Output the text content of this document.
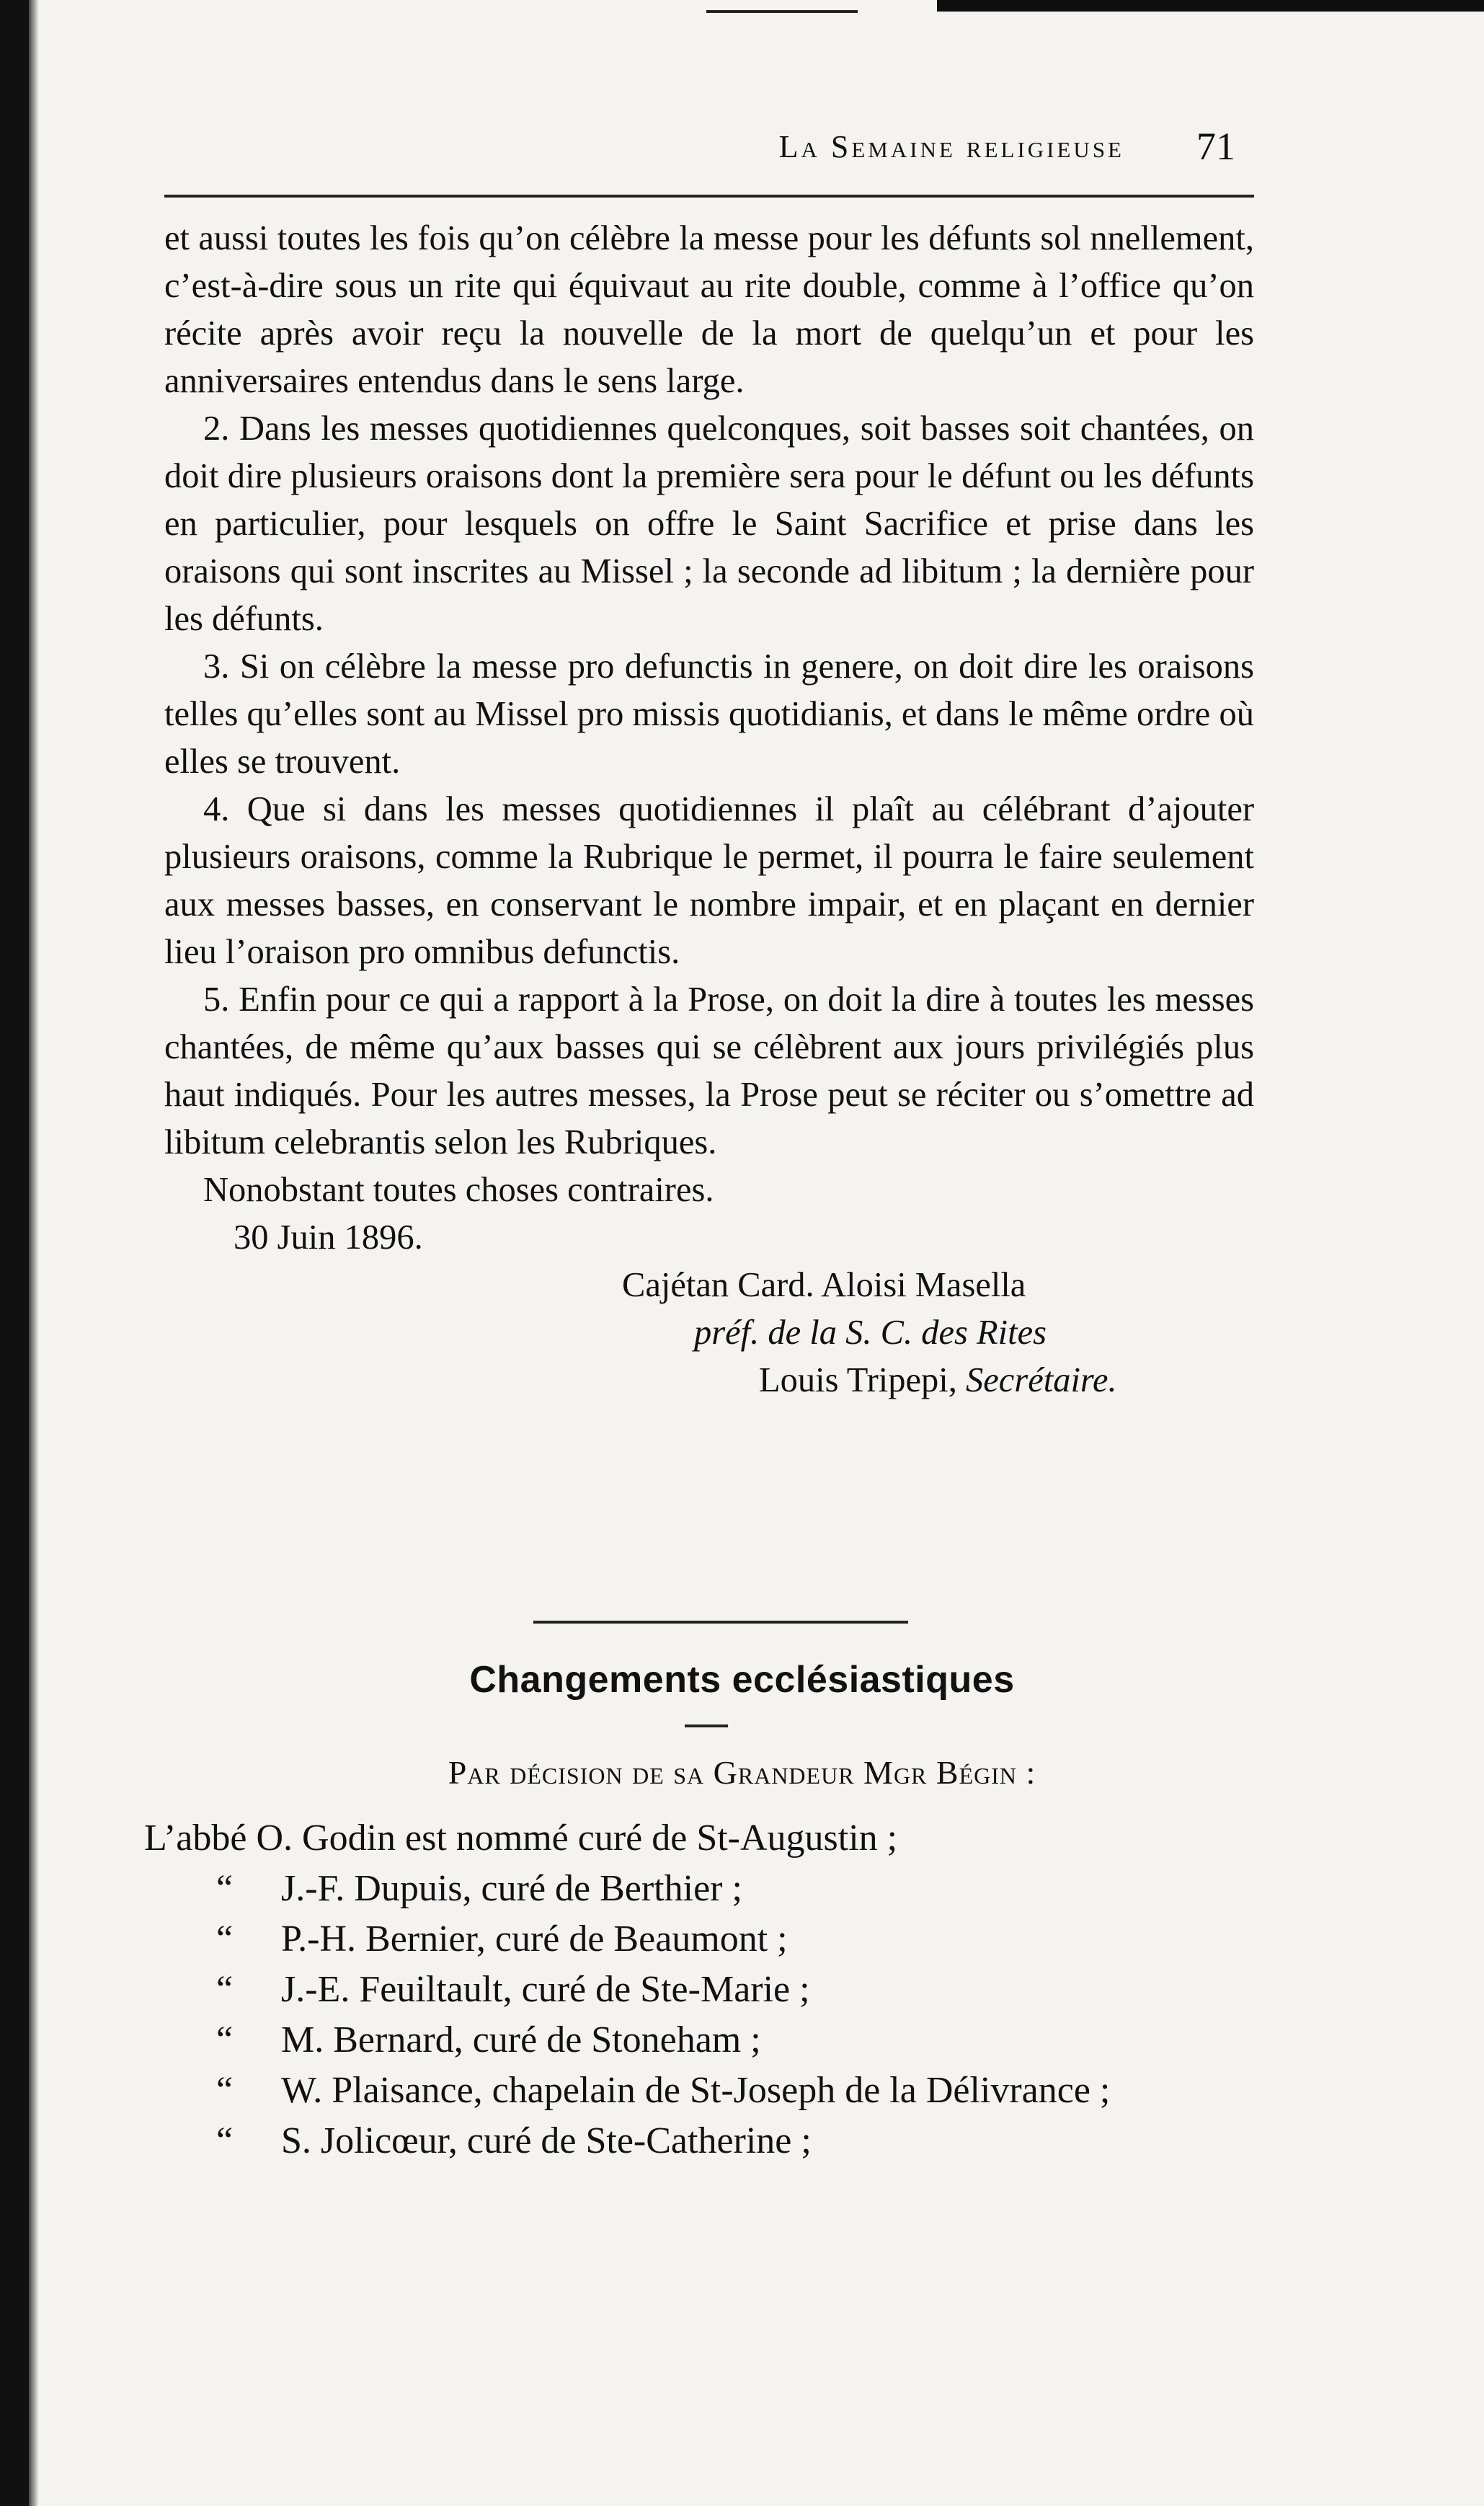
La Semaine religieuse 71

et aussi toutes les fois qu’on célèbre la messe pour les défunts sol nnellement, c’est-à-dire sous un rite qui équivaut au rite double, comme à l’office qu’on récite après avoir reçu la nouvelle de la mort de quelqu’un et pour les anniversaires entendus dans le sens large.

2. Dans les messes quotidiennes quelconques, soit basses soit chantées, on doit dire plusieurs oraisons dont la première sera pour le défunt ou les défunts en particulier, pour lesquels on offre le Saint Sacrifice et prise dans les oraisons qui sont inscrites au Missel ; la seconde ad libitum ; la dernière pour les défunts.

3. Si on célèbre la messe pro defunctis in genere, on doit dire les oraisons telles qu’elles sont au Missel pro missis quotidianis, et dans le même ordre où elles se trouvent.

4. Que si dans les messes quotidiennes il plaît au célébrant d’ajouter plusieurs oraisons, comme la Rubrique le permet, il pourra le faire seulement aux messes basses, en conservant le nombre impair, et en plaçant en dernier lieu l’oraison pro omnibus defunctis.

5. Enfin pour ce qui a rapport à la Prose, on doit la dire à toutes les messes chantées, de même qu’aux basses qui se célèbrent aux jours privilégiés plus haut indiqués. Pour les autres messes, la Prose peut se réciter ou s’omettre ad libitum celebrantis selon les Rubriques.

Nonobstant toutes choses contraires.

30 Juin 1896.

Cajétan Card. Aloisi Masella

préf. de la S. C. des Rites

Louis Tripepi, Secrétaire.

Changements ecclésiastiques
Par décision de sa Grandeur Mgr Bégin :
L’abbé O. Godin est nommé curé de St-Augustin ;
“ J.-F. Dupuis, curé de Berthier ;
“ P.-H. Bernier, curé de Beaumont ;
“ J.-E. Feuiltault, curé de Ste-Marie ;
“ M. Bernard, curé de Stoneham ;
“ W. Plaisance, chapelain de St-Joseph de la Délivrance ;
“ S. Jolicœur, curé de Ste-Catherine ;
